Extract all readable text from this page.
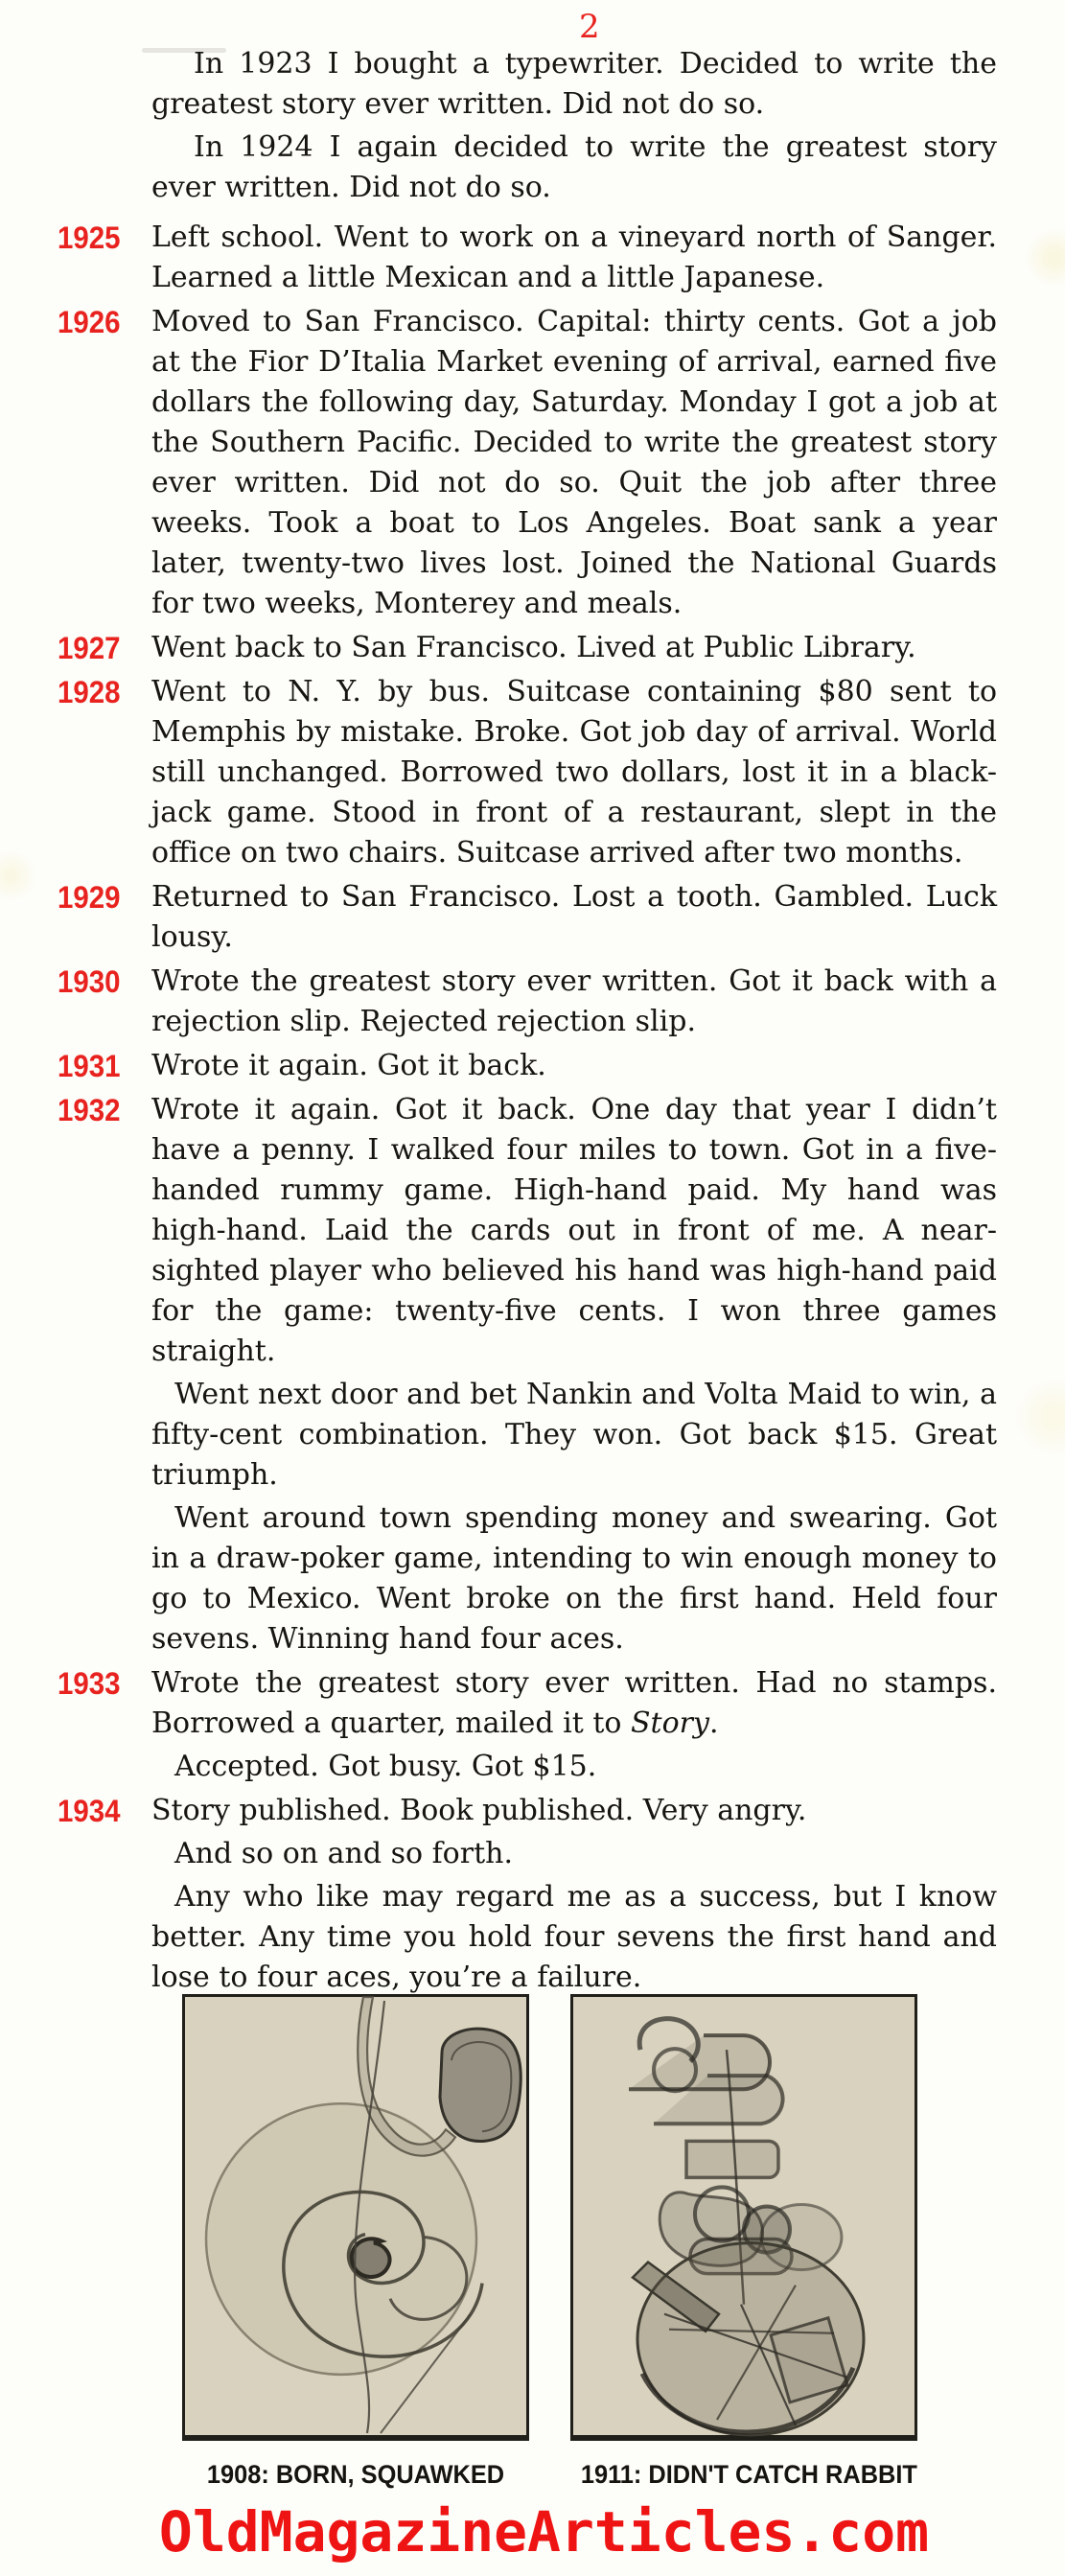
2

In 1923 I bought a typewriter. Decided to write the greatest story ever written. Did not do so.

In 1924 I again decided to write the greatest story ever written. Did not do so.

1925 Left school. Went to work on a vineyard north of Sanger. Learned a little Mexican and a little Japanese.

1926 Moved to San Francisco. Capital: thirty cents. Got a job at the Fior D’Italia Market evening of arrival, earned five dollars the following day, Saturday. Monday I got a job at the Southern Pacific. Decided to write the greatest story ever written. Did not do so. Quit the job after three weeks. Took a boat to Los Angeles. Boat sank a year later, twenty-two lives lost. Joined the National Guards for two weeks, Monterey and meals.

1927 Went back to San Francisco. Lived at Public Library.

1928 Went to N. Y. by bus. Suitcase containing $80 sent to Memphis by mistake. Broke. Got job day of arrival. World still unchanged. Borrowed two dollars, lost it in a black-jack game. Stood in front of a restaurant, slept in the office on two chairs. Suitcase arrived after two months.

1929 Returned to San Francisco. Lost a tooth. Gambled. Luck lousy.

1930 Wrote the greatest story ever written. Got it back with a rejection slip. Rejected rejection slip.

1931 Wrote it again. Got it back.

1932 Wrote it again. Got it back. One day that year I didn’t have a penny. I walked four miles to town. Got in a five-handed rummy game. High-hand paid. My hand was high-hand. Laid the cards out in front of me. A near-sighted player who believed his hand was high-hand paid for the game: twenty-five cents. I won three games straight.

Went next door and bet Nankin and Volta Maid to win, a fifty-cent combination. They won. Got back $15. Great triumph.

Went around town spending money and swearing. Got in a draw-poker game, intending to win enough money to go to Mexico. Went broke on the first hand. Held four sevens. Winning hand four aces.

1933 Wrote the greatest story ever written. Had no stamps. Borrowed a quarter, mailed it to Story.

Accepted. Got busy. Got $15.

1934 Story published. Book published. Very angry.

And so on and so forth.

Any who like may regard me as a success, but I know better. Any time you hold four sevens the first hand and lose to four aces, you’re a failure.

1908: BORN, SQUAWKED	1911: DIDN'T CATCH RABBIT
OldMagazineArticles.com
